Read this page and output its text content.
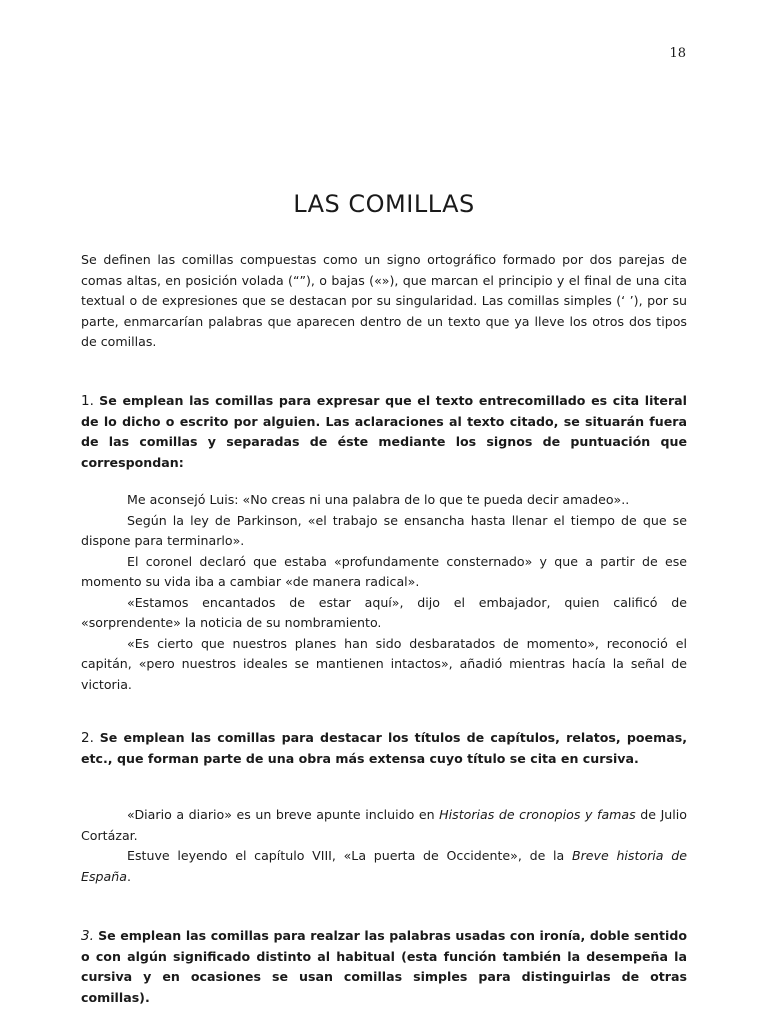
18
LAS COMILLAS

Se definen las comillas compuestas como un signo ortográfico formado por dos parejas de comas altas, en posición volada (“”), o bajas («»), que marcan el principio y el final de una cita textual o de expresiones que se destacan por su singularidad. Las comillas simples (‘ ’), por su parte, enmarcarían palabras que aparecen dentro de un texto que ya lleve los otros dos tipos de comillas.

1. Se emplean las comillas para expresar que el texto entrecomillado es cita literal de lo dicho o escrito por alguien. Las aclaraciones al texto citado, se situarán fuera de las comillas y separadas de éste mediante los signos de puntuación que correspondan:

Me aconsejó Luis: «No creas ni una palabra de lo que te pueda decir amadeo»..

Según la ley de Parkinson, «el trabajo se ensancha hasta llenar el tiempo de que se dispone para terminarlo».

El coronel declaró que estaba «profundamente consternado» y que a partir de ese momento su vida iba a cambiar «de manera radical».

«Estamos encantados de estar aquí», dijo el embajador, quien calificó de «sorprendente» la noticia de su nombramiento.

«Es cierto que nuestros planes han sido desbaratados de momento», reconoció el capitán, «pero nuestros ideales se mantienen intactos», añadió mientras hacía la señal de victoria.

2. Se emplean las comillas para destacar los títulos de capítulos, relatos, poemas, etc., que forman parte de una obra más extensa cuyo título se cita en cursiva.

«Diario a diario» es un breve apunte incluido en Historias de cronopios y famas de Julio Cortázar.

Estuve leyendo el capítulo VIII, «La puerta de Occidente», de la Breve historia de España.

3. Se emplean las comillas para realzar las palabras usadas con ironía, doble sentido o con algún significado distinto al habitual (esta función también la desempeña la cursiva y en ocasiones se usan comillas simples para distinguirlas de otras comillas).
